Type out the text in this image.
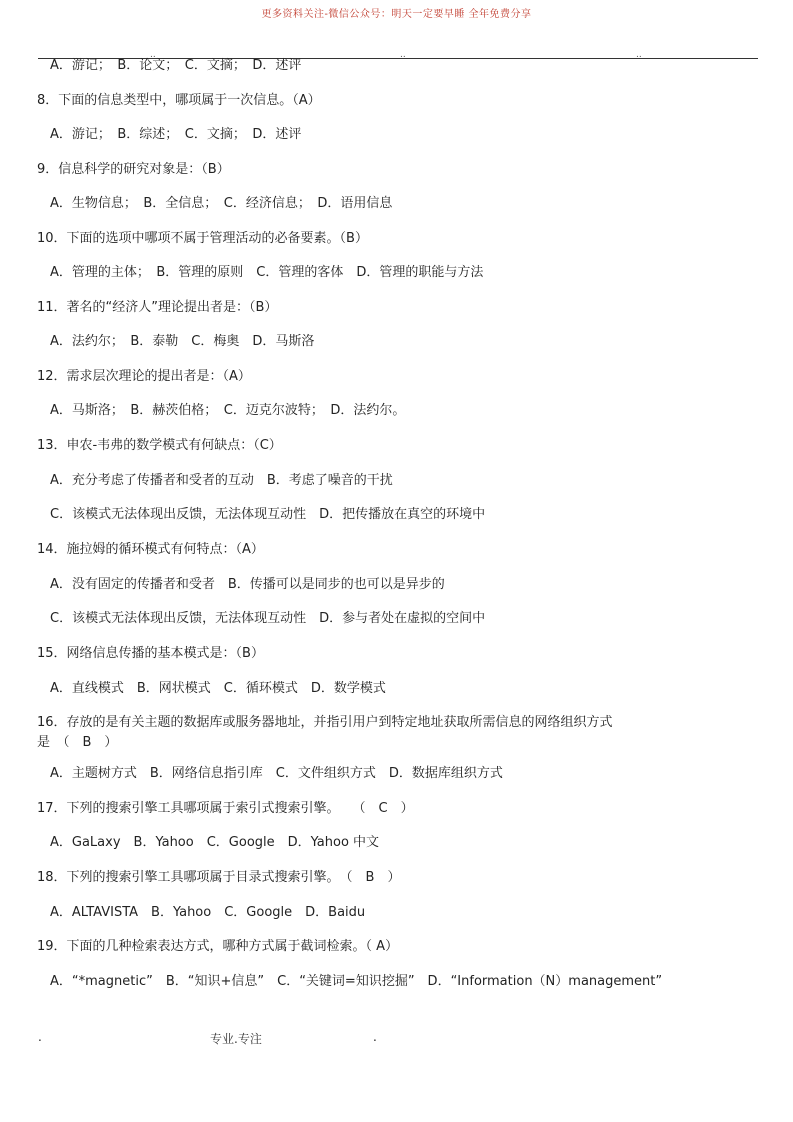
更多资料关注-微信公众号：明天一定要早睡 全年免费分享
..	..	..
A．游记；　B．论文；　C．文摘；　D．述评
8．下面的信息类型中，哪项属于一次信息。（A）
A．游记；　B．综述；　C．文摘；　D．述评
9．信息科学的研究对象是：（B）
A．生物信息；　B．全信息；　C．经济信息；　D．语用信息
10．下面的选项中哪项不属于管理活动的必备要素。（B）
A．管理的主体；　B．管理的原则　C．管理的客体　D．管理的职能与方法
11．著名的“经济人”理论提出者是：（B）
A．法约尔；　B．泰勒　C．梅奥　D．马斯洛
12．需求层次理论的提出者是：（A）
A．马斯洛；　B．赫茨伯格；　C．迈克尔波特；　D．法约尔。
13．申农-韦弗的数学模式有何缺点：（C）
A．充分考虑了传播者和受者的互动　B．考虑了噪音的干扰
C．该模式无法体现出反馈，无法体现互动性　D．把传播放在真空的环境中
14．施拉姆的循环模式有何特点：（A）
A．没有固定的传播者和受者　B．传播可以是同步的也可以是异步的
C．该模式无法体现出反馈，无法体现互动性　D．参与者处在虚拟的空间中
15．网络信息传播的基本模式是：（B）
A．直线模式　B．网状模式　C．循环模式　D．数学模式
16．存放的是有关主题的数据库或服务器地址，并指引用户到特定地址获取所需信息的网络组织方式
是　（　B　）
A．主题树方式　B．网络信息指引库　C．文件组织方式　D．数据库组织方式
17．下列的搜索引擎工具哪项属于索引式搜索引擎。　　（　C　）
A．GaLaxy　B．Yahoo　C．Google　D．Yahoo 中文
18．下列的搜索引擎工具哪项属于目录式搜索引擎。　（　B　）
A．ALTAVISTA　B．Yahoo　C．Google　D．Baidu
19．下面的几种检索表达方式，哪种方式属于截词检索。（ A）
A．“*magnetic”　B．“知识+信息”　C．“关键词=知识挖掘”　D．“Information（N）management”
.	专业.专注	.
